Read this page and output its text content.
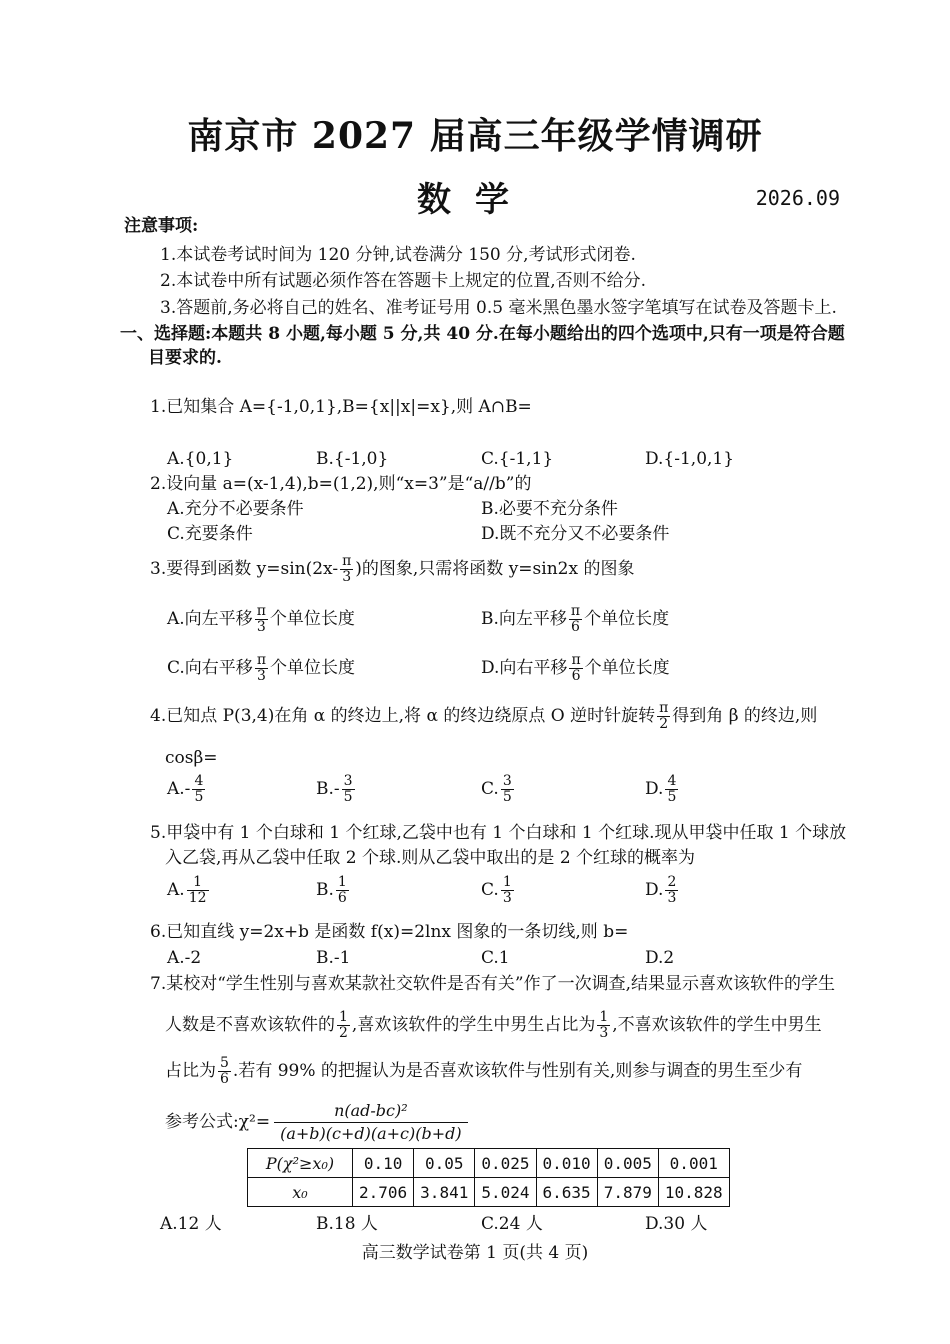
南京市 2027 届高三年级学情调研
数学	2026.09
注意事项:
1.本试卷考试时间为 120 分钟,试卷满分 150 分,考试形式闭卷.
2.本试卷中所有试题必须作答在答题卡上规定的位置,否则不给分.
3.答题前,务必将自己的姓名、准考证号用 0.5 毫米黑色墨水签字笔填写在试卷及答题卡上.
一、选择题:本题共 8 小题,每小题 5 分,共 40 分.在每小题给出的四个选项中,只有一项是符合题
目要求的.
1.已知集合 A={-1,0,1},B={x||x|=x},则 A∩B=
A.{0,1}	B.{-1,0}	C.{-1,1}	D.{-1,0,1}
2.设向量 a=(x-1,4),b=(1,2),则“x=3”是“a//b”的
A.充分不必要条件	B.必要不充分条件
C.充要条件	D.既不充分又不必要条件
3.要得到函数 $y=\sin(2x- \frac{\pi}{3}$ )的图象,只需将函数 y=sin2x 的图象
A.向左平移 $\frac{\pi}{3}$ 个单位长度	B.向左平移 $\frac{\pi}{6}$ 个单位长度
C.向右平移 $\frac{\pi}{3}$ 个单位长度	D.向右平移 $\frac{\pi}{6}$ 个单位长度
4.已知点 P(3,4)在角 α 的终边上,将 α 的终边绕原点 O 逆时针旋转 $\frac{\pi}{2}$ 得到角 β 的终边,则
cosβ=
$A.- \frac{4}{5}$	$B.- \frac{3}{5}$	C. $\frac{3}{5}$	D. $\frac{4}{5}$
5.甲袋中有 1 个白球和 1 个红球,乙袋中也有 1 个白球和 1 个红球.现从甲袋中任取 1 个球放
入乙袋,再从乙袋中任取 2 个球.则从乙袋中取出的是 2 个红球的概率为
A. $\frac{1}{12}$	B. $\frac{1}{6}$	C. $\frac{1}{3}$	D. $\frac{2}{3}$
6.已知直线 y=2x+b 是函数 f(x)=2lnx 图象的一条切线,则 b=
A.-2	B.-1	C.1	D.2
7.某校对“学生性别与喜欢某款社交软件是否有关”作了一次调查,结果显示喜欢该软件的学生
人数是不喜欢该软件的 $\frac{1}{2}$ ,喜欢该软件的学生中男生占比为 $\frac{1}{3}$ ,不喜欢该软件的学生中男生
占比为 $\frac{5}{6}$ .若有 99% 的把握认为是否喜欢该软件与性别有关,则参与调查的男生至少有
参考公式:χ²= $\frac{\text{n(ad-bc)²}}{(a+b)(c+d)(a+c)(b+d)}$
P(χ²≥x₀)	0.10	0.05	0.025	0.010	0.005	0.001
x₀	2.706	3.841	5.024	6.635	7.879	10.828
A.12 人	B.18 人	C.24 人	D.30 人
高三数学试卷第 1 页(共 4 页)
